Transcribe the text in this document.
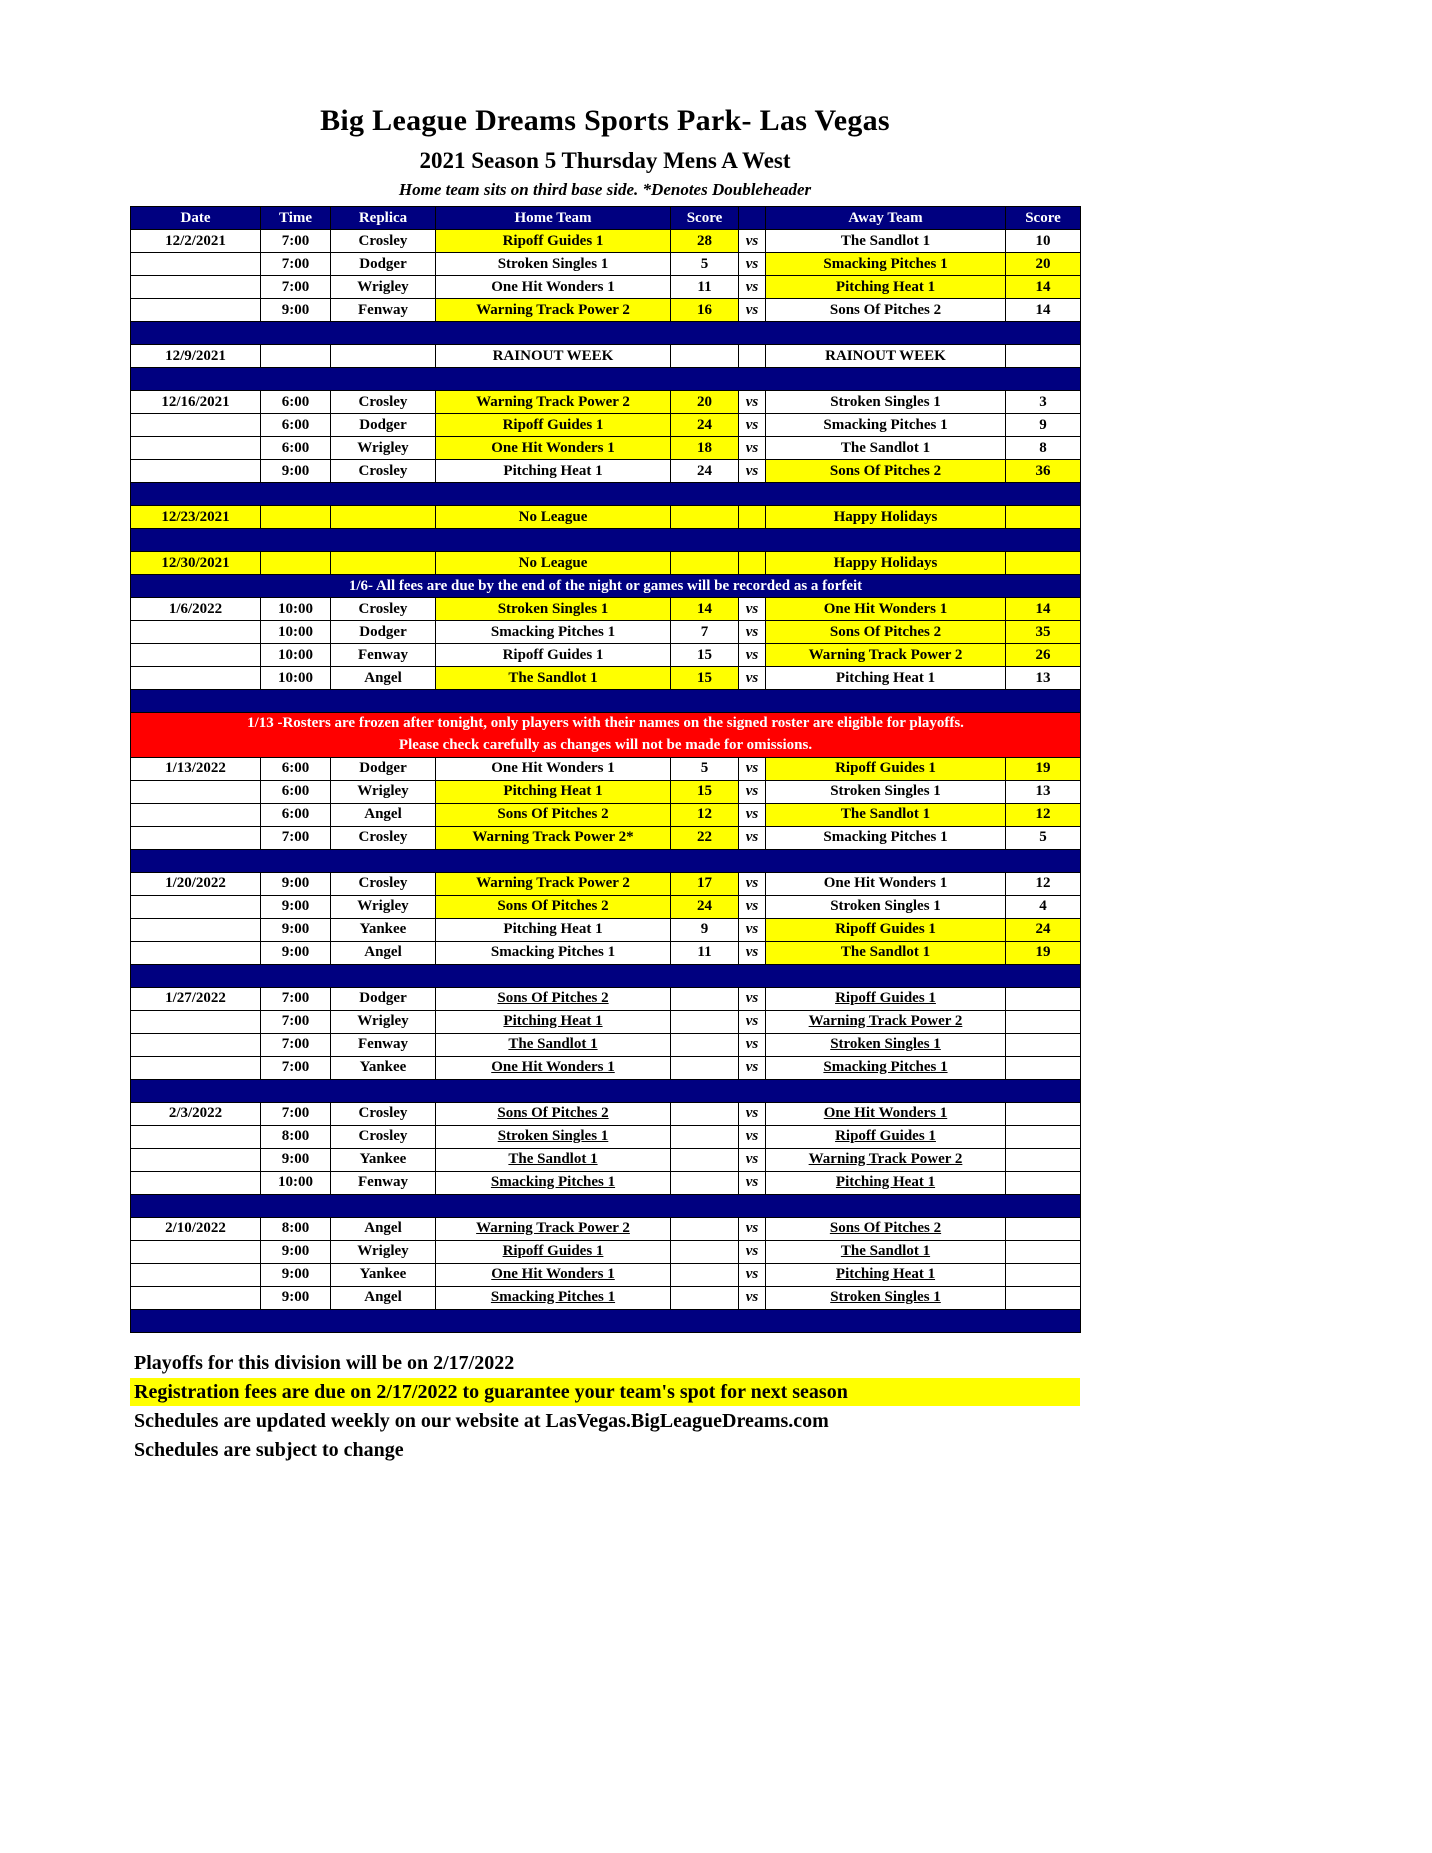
Big League Dreams Sports Park- Las Vegas
2021 Season 5 Thursday Mens A West
Home team sits on third base side. *Denotes Doubleheader
Date	Time	Replica	Home Team	Score		Away Team	Score
12/2/2021	7:00	Crosley	Ripoff Guides 1	28	vs	The Sandlot 1	10
	7:00	Dodger	Stroken Singles 1	5	vs	Smacking Pitches 1	20
	7:00	Wrigley	One Hit Wonders 1	11	vs	Pitching Heat 1	14
	9:00	Fenway	Warning Track Power 2	16	vs	Sons Of Pitches 2	14

12/9/2021			RAINOUT WEEK			RAINOUT WEEK	

12/16/2021	6:00	Crosley	Warning Track Power 2	20	vs	Stroken Singles 1	3
	6:00	Dodger	Ripoff Guides 1	24	vs	Smacking Pitches 1	9
	6:00	Wrigley	One Hit Wonders 1	18	vs	The Sandlot 1	8
	9:00	Crosley	Pitching Heat 1	24	vs	Sons Of Pitches 2	36

12/23/2021			No League			Happy Holidays	

12/30/2021			No League			Happy Holidays	
1/6- All fees are due by the end of the night or games will be recorded as a forfeit							
1/6/2022	10:00	Crosley	Stroken Singles 1	14	vs	One Hit Wonders 1	14
	10:00	Dodger	Smacking Pitches 1	7	vs	Sons Of Pitches 2	35
	10:00	Fenway	Ripoff Guides 1	15	vs	Warning Track Power 2	26
	10:00	Angel	The Sandlot 1	15	vs	Pitching Heat 1	13

1/13 -Rosters are frozen after tonight, only players with their names on the signed roster are eligible for playoffs.
Please check carefully as changes will not be made for omissions.							

1/13/2022	6:00	Dodger	One Hit Wonders 1	5	vs	Ripoff Guides 1	19
	6:00	Wrigley	Pitching Heat 1	15	vs	Stroken Singles 1	13
	6:00	Angel	Sons Of Pitches 2	12	vs	The Sandlot 1	12
	7:00	Crosley	Warning Track Power 2*	22	vs	Smacking Pitches 1	5

1/20/2022	9:00	Crosley	Warning Track Power 2	17	vs	One Hit Wonders 1	12
	9:00	Wrigley	Sons Of Pitches 2	24	vs	Stroken Singles 1	4
	9:00	Yankee	Pitching Heat 1	9	vs	Ripoff Guides 1	24
	9:00	Angel	Smacking Pitches 1	11	vs	The Sandlot 1	19

1/27/2022	7:00	Dodger	Sons Of Pitches 2		vs	Ripoff Guides 1	
	7:00	Wrigley	Pitching Heat 1		vs	Warning Track Power 2	
	7:00	Fenway	The Sandlot 1		vs	Stroken Singles 1	
	7:00	Yankee	One Hit Wonders 1		vs	Smacking Pitches 1	

2/3/2022	7:00	Crosley	Sons Of Pitches 2		vs	One Hit Wonders 1	
	8:00	Crosley	Stroken Singles 1		vs	Ripoff Guides 1	
	9:00	Yankee	The Sandlot 1		vs	Warning Track Power 2	
	10:00	Fenway	Smacking Pitches 1		vs	Pitching Heat 1	

2/10/2022	8:00	Angel	Warning Track Power 2		vs	Sons Of Pitches 2	
	9:00	Wrigley	Ripoff Guides 1		vs	The Sandlot 1	
	9:00	Yankee	One Hit Wonders 1		vs	Pitching Heat 1	
	9:00	Angel	Smacking Pitches 1		vs	Stroken Singles 1	

Playoffs for this division will be on 2/17/2022
Registration fees are due on 2/17/2022 to guarantee your team's spot for next season
Schedules are updated weekly on our website at LasVegas.BigLeagueDreams.com
Schedules are subject to change
